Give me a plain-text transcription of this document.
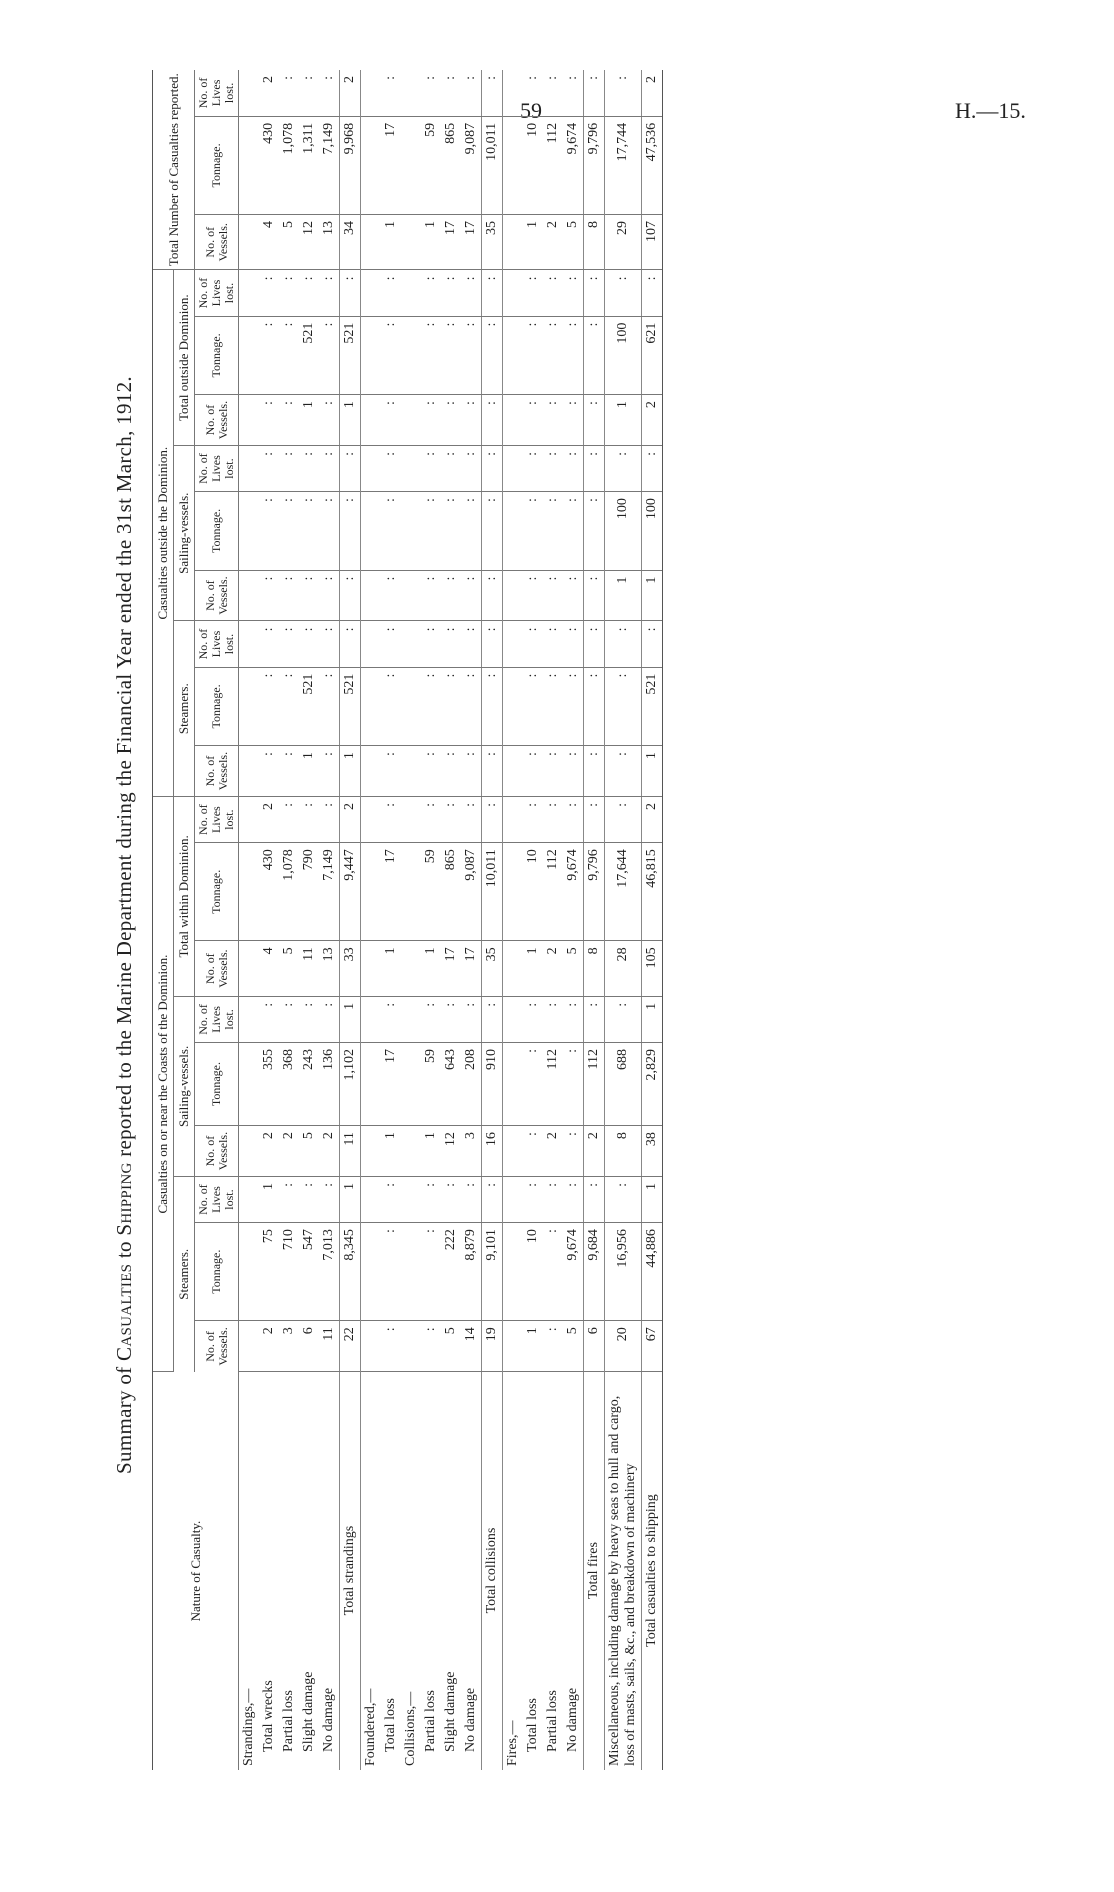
59	H.—15.
Summary of Casualties to Shipping reported to the Marine Department during the Financial Year ended the 31st March, 1912.
Nature of Casualty.	Casualties on or near the Coasts of the Dominion.									Casualties outside the Dominion.									Total Number of Casualties reported.		
	Steamers.			Sailing-vessels.			Total within Dominion.			Steamers.			Sailing-vessels.			Total outside Dominion.					
	No. of Vessels.	Tonnage.	No. of Lives lost.	No. of Vessels.	Tonnage.	No. of Lives lost.	No. of Vessels.	Tonnage.	No. of Lives lost.	No. of Vessels.	Tonnage.	No. of Lives lost.	No. of Vessels.	Tonnage.	No. of Lives lost.	No. of Vessels.	Tonnage.	No. of Lives lost.	No. of Vessels.	Tonnage.	No. of Lives lost.
Strandings,—																					
Total wrecks	2	75	1	2	355	:	4	430	2	:	:	:	:	:	:	:	:	:	4	430	2
Partial loss	3	710	:	2	368	:	5	1,078	:	:	:	:	:	:	:	:	:	:	5	1,078	:
Slight damage	6	547	:	5	243	:	11	790	:	1	521	:	:	:	:	1	521	:	12	1,311	:
No damage	11	7,013	:	2	136	:	13	7,149	:	:	:	:	:	:	:	:	:	:	13	7,149	:
Total strandings	22	8,345	1	11	1,102	1	33	9,447	2	1	521	:	:	:	:	1	521	:	34	9,968	2
Foundered,—																					
Total loss	:	:	:	1	17	:	1	17	:	:	:	:	:	:	:	:	:	:	1	17	:
Collisions,—																					
Partial loss	:	:	:	1	59	:	1	59	:	:	:	:	:	:	:	:	:	:	1	59	:
Slight damage	5	222	:	12	643	:	17	865	:	:	:	:	:	:	:	:	:	:	17	865	:
No damage	14	8,879	:	3	208	:	17	9,087	:	:	:	:	:	:	:	:	:	:	17	9,087	:
Total collisions	19	9,101	:	16	910	:	35	10,011	:	:	:	:	:	:	:	:	:	:	35	10,011	:
Fires,—																					
Total loss	1	10	:	:	:	:	1	10	:	:	:	:	:	:	:	:	:	:	1	10	:
Partial loss	:	:	:	2	112	:	2	112	:	:	:	:	:	:	:	:	:	:	2	112	:
No damage	5	9,674	:	:	:	:	5	9,674	:	:	:	:	:	:	:	:	:	:	5	9,674	:
Total fires	6	9,684	:	2	112	:	8	9,796	:	:	:	:	:	:	:	:	:	:	8	9,796	:
Miscellaneous, including damage by heavy seas to hull and cargo, loss of masts, sails, &c., and breakdown of machinery	20	16,956	:	8	688	:	28	17,644	:	:	:	:	1	100	:	1	100	:	29	17,744	:
Total casualties to shipping	67	44,886	1	38	2,829	1	105	46,815	2	1	521	:	1	100	:	2	621	:	107	47,536	2
